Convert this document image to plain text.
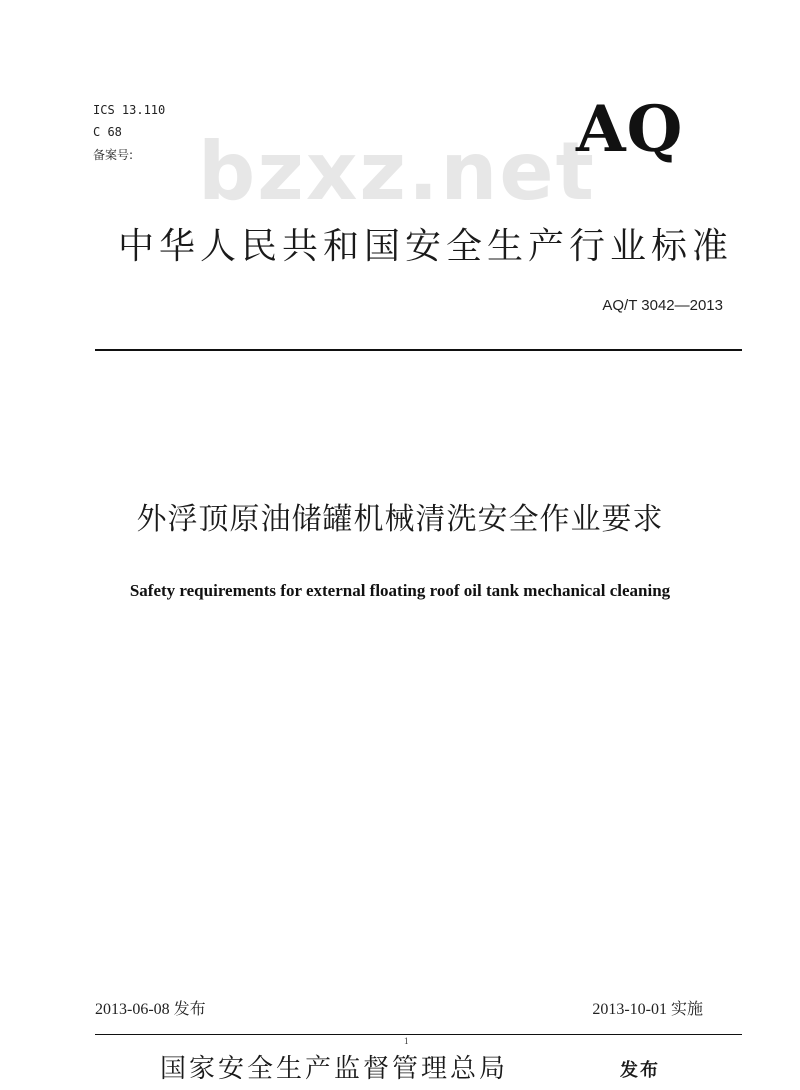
ICS 13.110
C 68
备案号: bzxz.net
AQ
中华人民共和国安全生产行业标准
AQ/T 3042—2013
外浮顶原油储罐机械清洗安全作业要求
Safety requirements for external floating roof oil tank mechanical cleaning
2013-06-08 发布	2013-10-01 实施
1
国家安全生产监督管理总局	发布
